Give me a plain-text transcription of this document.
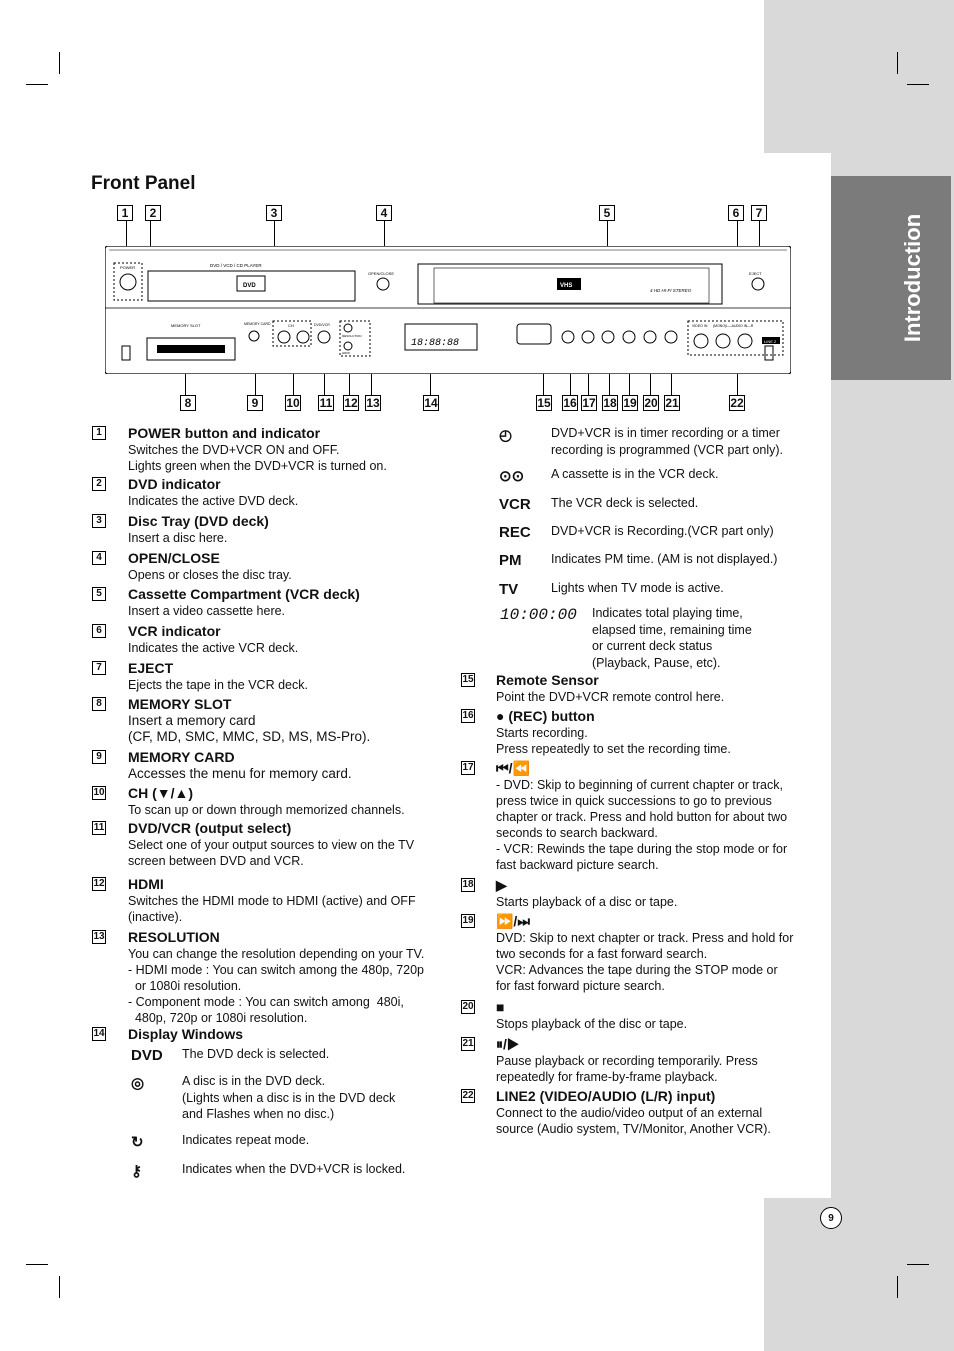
Introduction
Front Panel
1	2	3	4	5	6	7
8	9	10 11 12 13	14	15 16 17 18 19 20 21	22
POWER	DVD / VCD / CD PLAYER
DVD
OPEN/CLOSE
VHS
4 HD HI-FI STEREO
EJECT
MEMORY SLOT	MEMORY CARD	CH	DVD/VCR
RESOLUTION
HDMI
18:88:88
VIDEO IN (MONO)L—AUDIO IN—R
LINE 2
1	POWER button and indicator
Switches the DVD+VCR ON and OFF.
Lights green when the DVD+VCR is turned on.
2	DVD indicator
Indicates the active DVD deck.
3	Disc Tray (DVD deck)
Insert a disc here.
4	OPEN/CLOSE
Opens or closes the disc tray.
5	Cassette Compartment (VCR deck)
Insert a video cassette here.
6	VCR indicator
Indicates the active VCR deck.
7	EJECT
Ejects the tape in the VCR deck.
8	MEMORY SLOT
Insert a memory card
(CF, MD, SMC, MMC, SD, MS, MS-Pro).
9	MEMORY CARD
Accesses the menu for memory card.
10 CH (▼/▲)
To scan up or down through memorized channels.
11 DVD/VCR (output select)
Select one of your output sources to view on the TV
screen between DVD and VCR.
12 HDMI
Switches the HDMI mode to HDMI (active) and OFF
(inactive).
13 RESOLUTION
You can change the resolution depending on your TV.
- HDMI mode : You can switch among the 480p, 720p
or 1080i resolution.
- Component mode : You can switch among  480i,
480p, 720p or 1080i resolution.
14 Display Windows
DVD The DVD deck is selected.
◎	A disc is in the DVD deck.
(Lights when a disc is in the DVD deck
and Flashes when no disc.)
↻	Indicates repeat mode.
⚷	Indicates when the DVD+VCR is locked.
◴	DVD+VCR is in timer recording or a timer
recording is programmed (VCR part only).
⊙⊙ A cassette is in the VCR deck.
VCR The VCR deck is selected.
REC DVD+VCR is Recording.(VCR part only)
PM Indicates PM time. (AM is not displayed.)
TV	Lights when TV mode is active.
10:00:00 Indicates total playing time,
elapsed time, remaining time
or current deck status
(Playback, Pause, etc).
15 Remote Sensor
Point the DVD+VCR remote control here.
16 ● (REC) button
Starts recording.
Press repeatedly to set the recording time.
17 ⏮/⏪
- DVD: Skip to beginning of current chapter or track,
press twice in quick successions to go to previous
chapter or track. Press and hold button for about two
seconds to search backward.
- VCR: Rewinds the tape during the stop mode or for
fast backward picture search.
18 ▶
Starts playback of a disc or tape.
19 ⏩/⏭
DVD: Skip to next chapter or track. Press and hold for
two seconds for a fast forward search.
VCR: Advances the tape during the STOP mode or
for fast forward picture search.
20 ■
Stops playback of the disc or tape.
21 ⏸/▶
Pause playback or recording temporarily. Press
repeatedly for frame-by-frame playback.
22 LINE2 (VIDEO/AUDIO (L/R) input)
Connect to the audio/video output of an external
source (Audio system, TV/Monitor, Another VCR).
9
